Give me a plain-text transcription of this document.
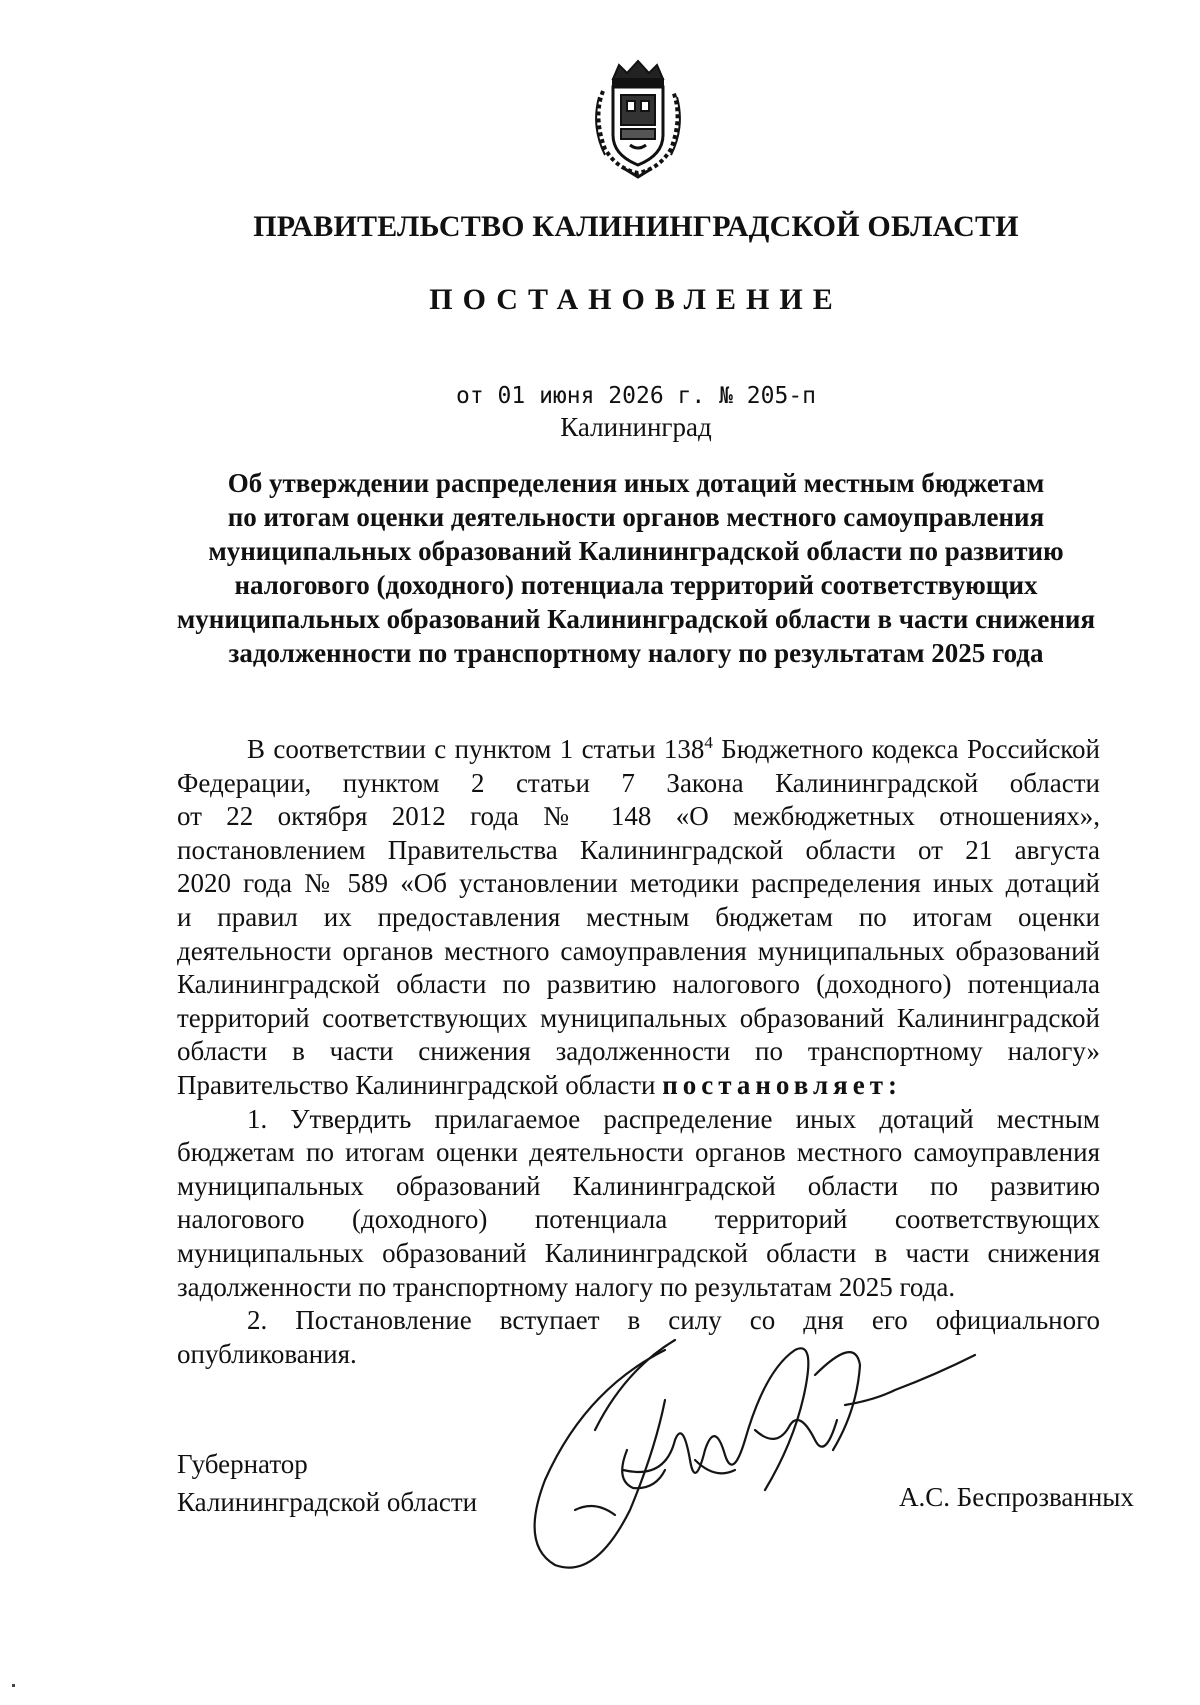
ПРАВИТЕЛЬСТВО КАЛИНИНГРАДСКОЙ ОБЛАСТИ
ПОСТАНОВЛЕНИЕ
от 01 июня 2026 г. № 205-п
Калининград
Об утверждении распределения иных дотаций местным бюджетам
по итогам оценки деятельности органов местного самоуправления
муниципальных образований Калининградской области по развитию
налогового (доходного) потенциала территорий соответствующих
муниципальных образований Калининградской области в части снижения
задолженности по транспортному налогу по результатам 2025 года
В соответствии с пунктом 1 статьи $138^4$ Бюджетного кодекса Российской
Федерации, пунктом 2 статьи 7 Закона Калининградской области
от 22 октября 2012 года № 148 «О межбюджетных отношениях»,
постановлением Правительства Калининградской области от 21 августа
2020 года № 589 «Об установлении методики распределения иных дотаций
и правил их предоставления местным бюджетам по итогам оценки
деятельности органов местного самоуправления муниципальных образований
Калининградской области по развитию налогового (доходного) потенциала
территорий соответствующих муниципальных образований Калининградской
области в части снижения задолженности по транспортному налогу»
Правительство Калининградской области постановляет:
1. Утвердить прилагаемое распределение иных дотаций местным
бюджетам по итогам оценки деятельности органов местного самоуправления
муниципальных образований Калининградской области по развитию
налогового (доходного) потенциала территорий соответствующих
муниципальных образований Калининградской области в части снижения
задолженности по транспортному налогу по результатам 2025 года.
2. Постановление вступает в силу со дня его официального
опубликования.
Губернатор
Калининградской области	А.С. Беспрозванных
